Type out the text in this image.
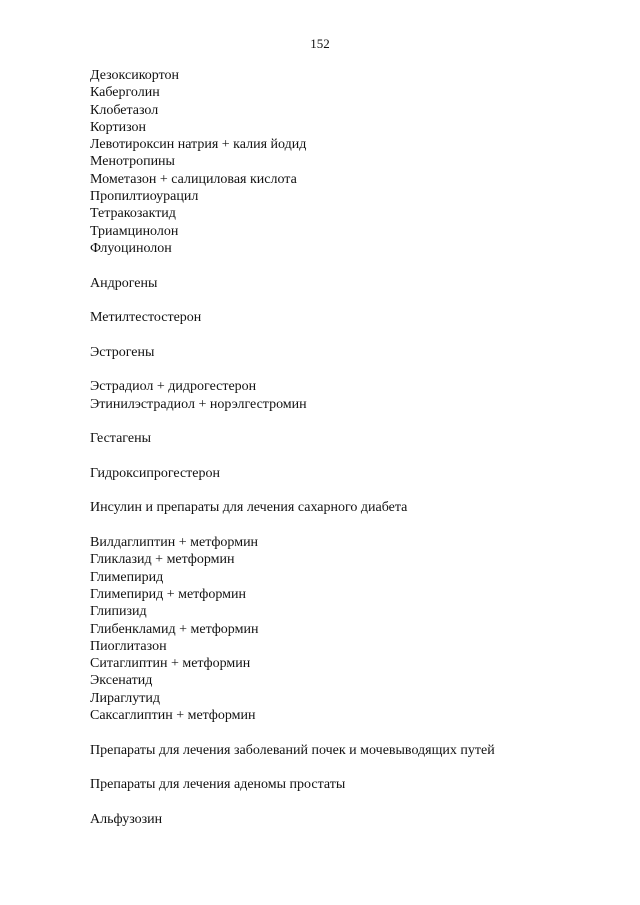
152
Дезоксикортон
Каберголин
Клобетазол
Кортизон
Левотироксин натрия + калия йодид
Менотропины
Мометазон + салициловая кислота
Пропилтиоурацил
Тетракозактид
Триамцинолон
Флуоцинолон
Андрогены
Метилтестостерон
Эстрогены
Эстрадиол + дидрогестерон
Этинилэстрадиол + норэлгестромин
Гестагены
Гидроксипрогестерон
Инсулин и препараты для лечения сахарного диабета
Вилдаглиптин + метформин
Гликлазид + метформин
Глимепирид
Глимепирид + метформин
Глипизид
Глибенкламид + метформин
Пиоглитазон
Ситаглиптин + метформин
Эксенатид
Лираглутид
Саксаглиптин + метформин
Препараты для лечения заболеваний почек и мочевыводящих путей
Препараты для лечения аденомы простаты
Альфузозин
